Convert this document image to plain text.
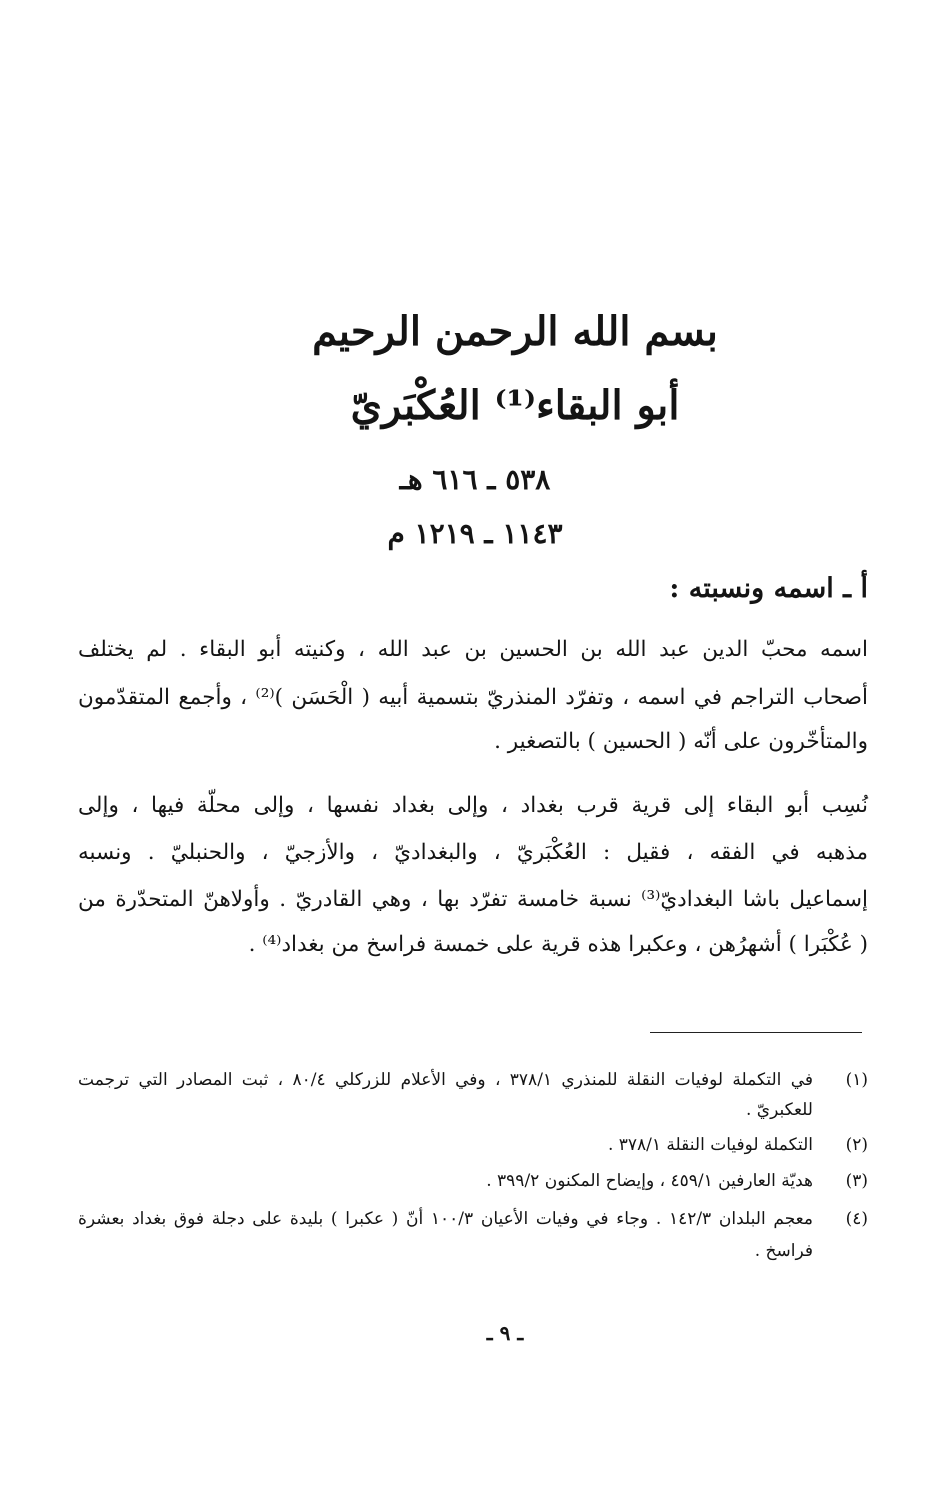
بسم الله الرحمن الرحيم
أبو البقاء⁽¹⁾ العُكْبَريّ
٥٣٨ ـ ٦١٦ هـ
١١٤٣ ـ ١٢١٩ م
أ ـ اسمه ونسبته :
اسمه محبّ الدين عبد الله بن الحسين بن عبد الله ، وكنيته أبو البقاء . لم يختلف
أصحاب التراجم في اسمه ، وتفرّد المنذريّ بتسمية أبيه ( الْحَسَن )⁽²⁾ ، وأجمع المتقدّمون
والمتأخّرون على أنّه ( الحسين ) بالتصغير .
نُسِب أبو البقاء إلى قرية قرب بغداد ، وإلى بغداد نفسها ، وإلى محلّة فيها ، وإلى
مذهبه في الفقه ، فقيل : العُكْبَريّ ، والبغداديّ ، والأزجيّ ، والحنبليّ . ونسبه
إسماعيل باشا البغداديّ⁽³⁾ نسبة خامسة تفرّد بها ، وهي القادريّ . وأولاهنّ المتحدّرة من
( عُكْبَرا ) أشهرُهن ، وعكبرا هذه قرية على خمسة فراسخ من بغداد⁽⁴⁾ .
(١)
في التكملة لوفيات النقلة للمنذري ٣٧٨/١ ، وفي الأعلام للزركلي ٨٠/٤ ، ثبت المصادر التي ترجمت
للعكبريّ .
(٢)
التكملة لوفيات النقلة ٣٧٨/١ .
(٣)
هديّة العارفين ٤٥٩/١ ، وإيضاح المكنون ٣٩٩/٢ .
(٤)
معجم البلدان ١٤٢/٣ . وجاء في وفيات الأعيان ١٠٠/٣ أنّ ( عكبرا ) بليدة على دجلة فوق بغداد بعشرة
فراسخ .
ـ ٩ ـ
